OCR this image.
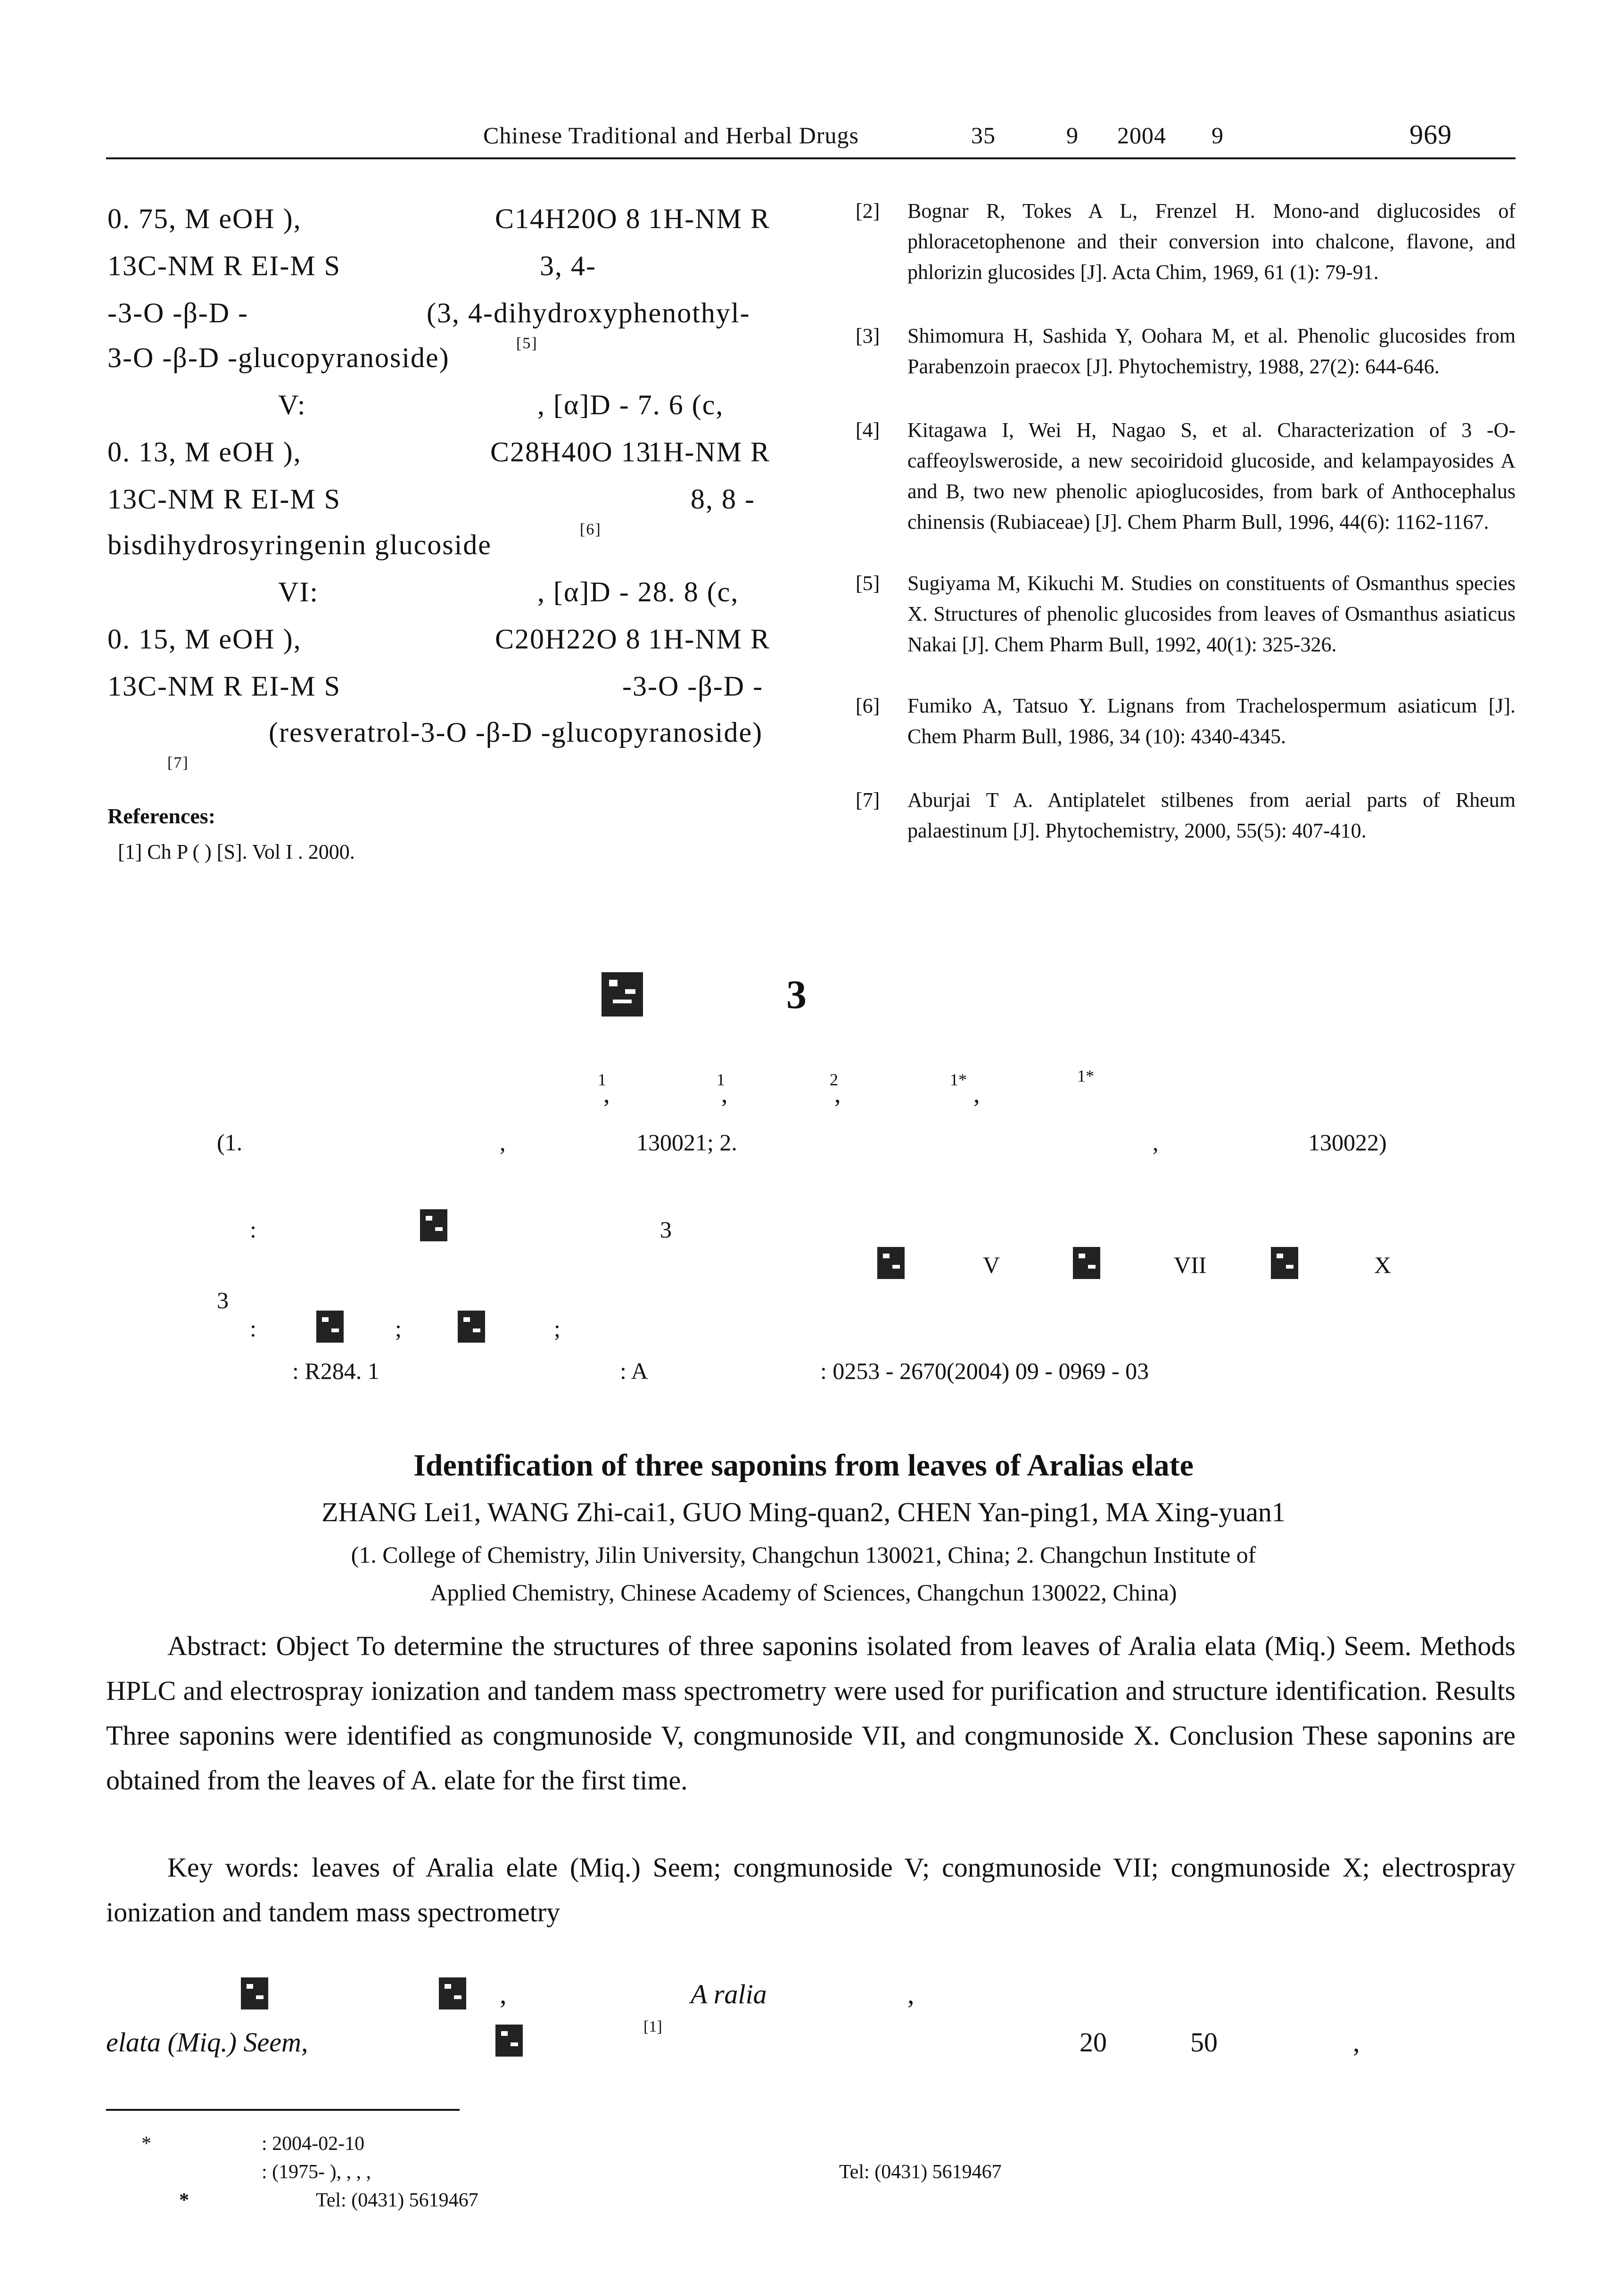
Chinese Traditional and Herbal Drugs	35	9 2004 9	969
0. 75, M eOH ),	C14H20O 8 1H-NM R
13C-NM R EI-M S	3, 4-
-3-O -β-D -	(3, 4-dihydroxyphenothyl-
3-O -β-D -glucopyranoside)	[5]
V:	, [α]D - 7. 6 (c,
0. 13, M eOH ),	C28H40O 13
1H-NM R
13C-NM R EI-M S	8, 8 -
bisdihydrosyringenin glucoside	[6]
VI:	, [α]D - 28. 8 (c,
0. 15, M eOH ),	C20H22O 8 1H-NM R
13C-NM R EI-M S	-3-O -β-D -
(resveratrol-3-O -β-D -glucopyranoside)
[7]
References:
[1] Ch P ( ) [S]. Vol I . 2000.
[2] Bognar R, Tokes A L, Frenzel H. Mono-and diglucosides of phloracetophenone and their conversion into chalcone, flavone, and phlorizin glucosides [J]. Acta Chim, 1969, 61 (1): 79-91.
[3] Shimomura H, Sashida Y, Oohara M, et al. Phenolic glucosides from Parabenzoin praecox [J]. Phytochemistry, 1988, 27(2): 644-646.
[4] Kitagawa I, Wei H, Nagao S, et al. Characterization of 3 -O-caffeoylsweroside, a new secoiridoid glucoside, and kelampayosides A and B, two new phenolic apioglucosides, from bark of Anthocephalus chinensis (Rubiaceae) [J]. Chem Pharm Bull, 1996, 44(6): 1162-1167.
[5] Sugiyama M, Kikuchi M. Studies on constituents of Osmanthus species X. Structures of phenolic glucosides from leaves of Osmanthus asiaticus Nakai [J]. Chem Pharm Bull, 1992, 40(1): 325-326.
[6] Fumiko A, Tatsuo Y. Lignans from Trachelospermum asiaticum [J]. Chem Pharm Bull, 1986, 34 (10): 4340-4345.
[7] Aburjai T A. Antiplatelet stilbenes from aerial parts of Rheum palaestinum [J]. Phytochemistry, 2000, 55(5): 407-410.
3
1	1	2	1*	1*
,	,	,	,
(1.	,	130021; 2.	,	130022)
:	3
V	VII	X
3
:	;	;
: R284. 1	: A	: 0253 - 2670(2004) 09 - 0969 - 03
Identification of three saponins from leaves of Aralias elate
ZHANG Lei1, WANG Zhi-cai1, GUO Ming-quan2, CHEN Yan-ping1, MA Xing-yuan1
(1. College of Chemistry, Jilin University, Changchun 130021, China; 2. Changchun Institute of
Applied Chemistry, Chinese Academy of Sciences, Changchun 130022, China)
Abstract: Object To determine the structures of three saponins isolated from leaves of Aralia elata (Miq.) Seem. Methods HPLC and electrospray ionization and tandem mass spectrometry were used for purification and structure identification. Results Three saponins were identified as congmunoside V, congmunoside VII, and congmunoside X. Conclusion These saponins are obtained from the leaves of A. elate for the first time.
Key words: leaves of Aralia elate (Miq.) Seem; congmunoside V; congmunoside VII; congmunoside X; electrospray ionization and tandem mass spectrometry
,	A ralia	,
elata (Miq.) Seem,
[1]
20	50	,
*	: 2004-02-10
: (1975- ), , , ,	Tel: (0431) 5619467
*	Tel: (0431) 5619467
